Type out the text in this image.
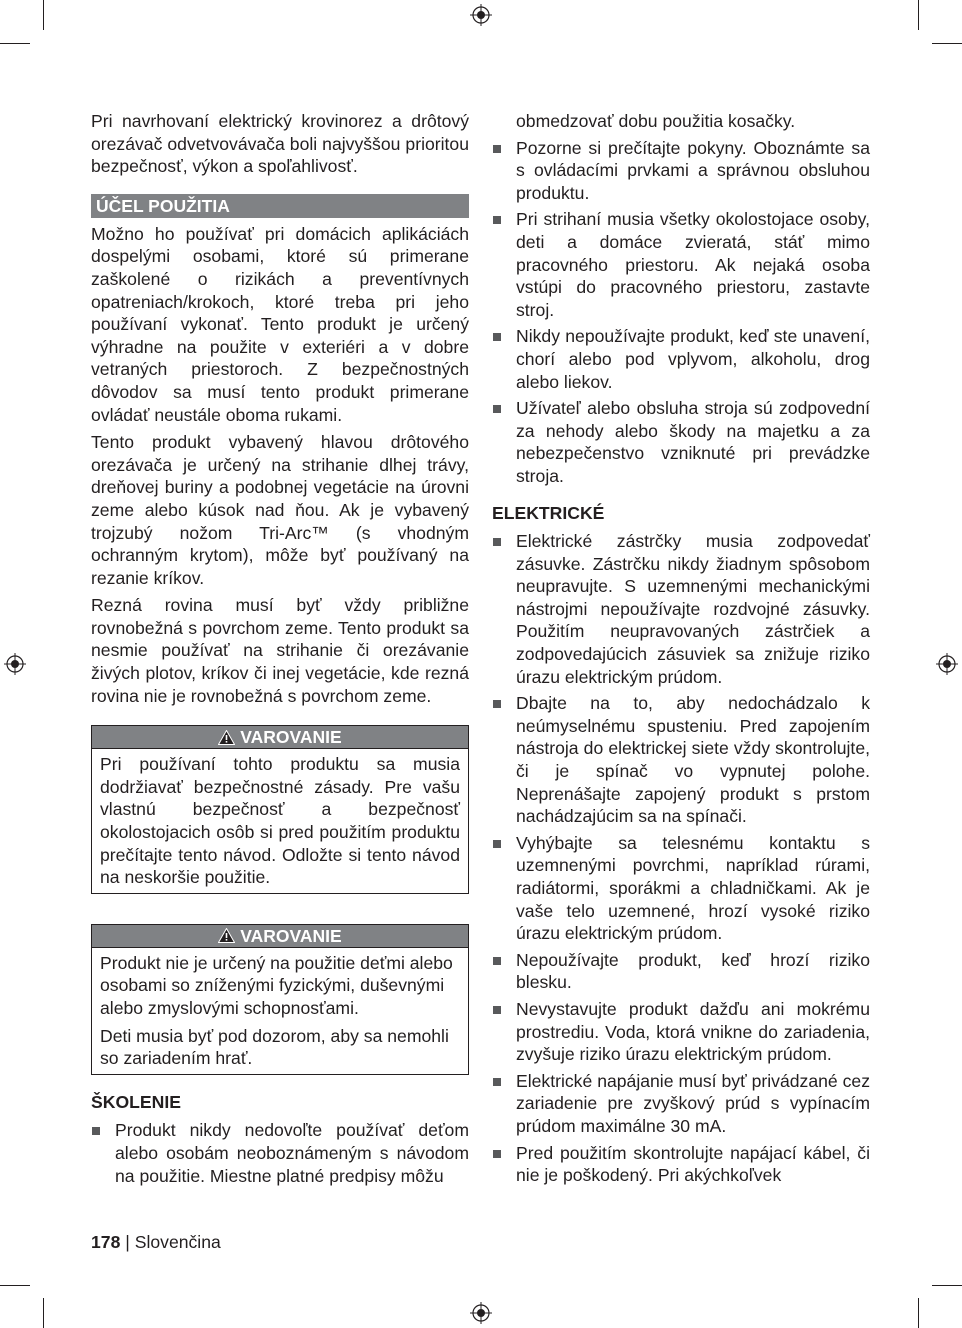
Pri navrhovaní elektrický krovinorez a drôtový orezávač odvetvovávača boli najvyššou prioritou bezpečnosť, výkon a spoľahlivosť.

ÚČEL POUŽITIA

Možno ho používať pri domácich aplikáciách dospelými osobami, ktoré sú primerane zaškolené o rizikách a preventívnych opatreniach/krokoch, ktoré treba pri jeho používaní vykonať. Tento produkt je určený výhradne na použite v exteriéri a v dobre vetraných priestoroch. Z bezpečnostných dôvodov sa musí tento produkt primerane ovládať neustále oboma rukami.

Tento produkt vybavený hlavou drôtového orezávača je určený na strihanie dlhej trávy, dreňovej buriny a podobnej vegetácie na úrovni zeme alebo kúsok nad ňou. Ak je vybavený trojzubý nožom Tri-Arc™ (s vhodným ochranným krytom), môže byť používaný na rezanie kríkov.

Rezná rovina musí byť vždy približne rovnobežná s povrchom zeme. Tento produkt sa nesmie používať na strihanie či orezávanie živých plotov, kríkov či inej vegetácie, kde rezná rovina nie je rovnobežná s povrchom zeme.

VAROVANIE

Pri používaní tohto produktu sa musia dodržiavať bezpečnostné zásady. Pre vašu vlastnú bezpečnosť a bezpečnosť okolostojacich osôb si pred použitím produktu prečítajte tento návod. Odložte si tento návod na neskoršie použitie.

VAROVANIE

Produkt nie je určený na použitie deťmi alebo osobami so zníženými fyzickými, duševnými alebo zmyslovými schopnosťami.

Deti musia byť pod dozorom, aby sa nemohli so zariadením hrať.

ŠKOLENIE
Produkt nikdy nedovoľte používať deťom alebo osobám neoboznámeným s návodom na použitie. Miestne platné predpisy môžu

obmedzovať dobu použitia kosačky.

Pozorne si prečítajte pokyny. Oboznámte sa s ovládacími prvkami a správnou obsluhou produktu.
Pri strihaní musia všetky okolostojace osoby, deti a domáce zvieratá, stáť mimo pracovného priestoru. Ak nejaká osoba vstúpi do pracovného priestoru, zastavte stroj.
Nikdy nepoužívajte produkt, keď ste unavení, chorí alebo pod vplyvom, alkoholu, drog alebo liekov.
Užívateľ alebo obsluha stroja sú zodpovední za nehody alebo škody na majetku a za nebezpečenstvo vzniknuté pri prevádzke stroja.
ELEKTRICKÉ
Elektrické zástrčky musia zodpovedať zásuvke. Zástrčku nikdy žiadnym spôsobom neupravujte. S uzemnenými mechanickými nástrojmi nepoužívajte rozdvojné zásuvky. Použitím neupravovaných zástrčiek a zodpovedajúcich zásuviek sa znižuje riziko úrazu elektrickým prúdom.
Dbajte na to, aby nedochádzalo k neúmyselnému spusteniu. Pred zapojením nástroja do elektrickej siete vždy skontrolujte, či je spínač vo vypnutej polohe. Neprenášajte zapojený produkt s prstom nachádzajúcim sa na spínači.
Vyhýbajte sa telesnému kontaktu s uzemnenými povrchmi, napríklad rúrami, radiátormi, sporákmi a chladničkami. Ak je vaše telo uzemnené, hrozí vysoké riziko úrazu elektrickým prúdom.
Nepoužívajte produkt, keď hrozí riziko blesku.
Nevystavujte produkt dažďu ani mokrému prostrediu. Voda, ktorá vnikne do zariadenia, zvyšuje riziko úrazu elektrickým prúdom.
Elektrické napájanie musí byť privádzané cez zariadenie pre zvyškový prúd s vypínacím prúdom maximálne 30 mA.
Pred použitím skontrolujte napájací kábel, či nie je poškodený. Pri akýchkoľvek
178 | Slovenčina
